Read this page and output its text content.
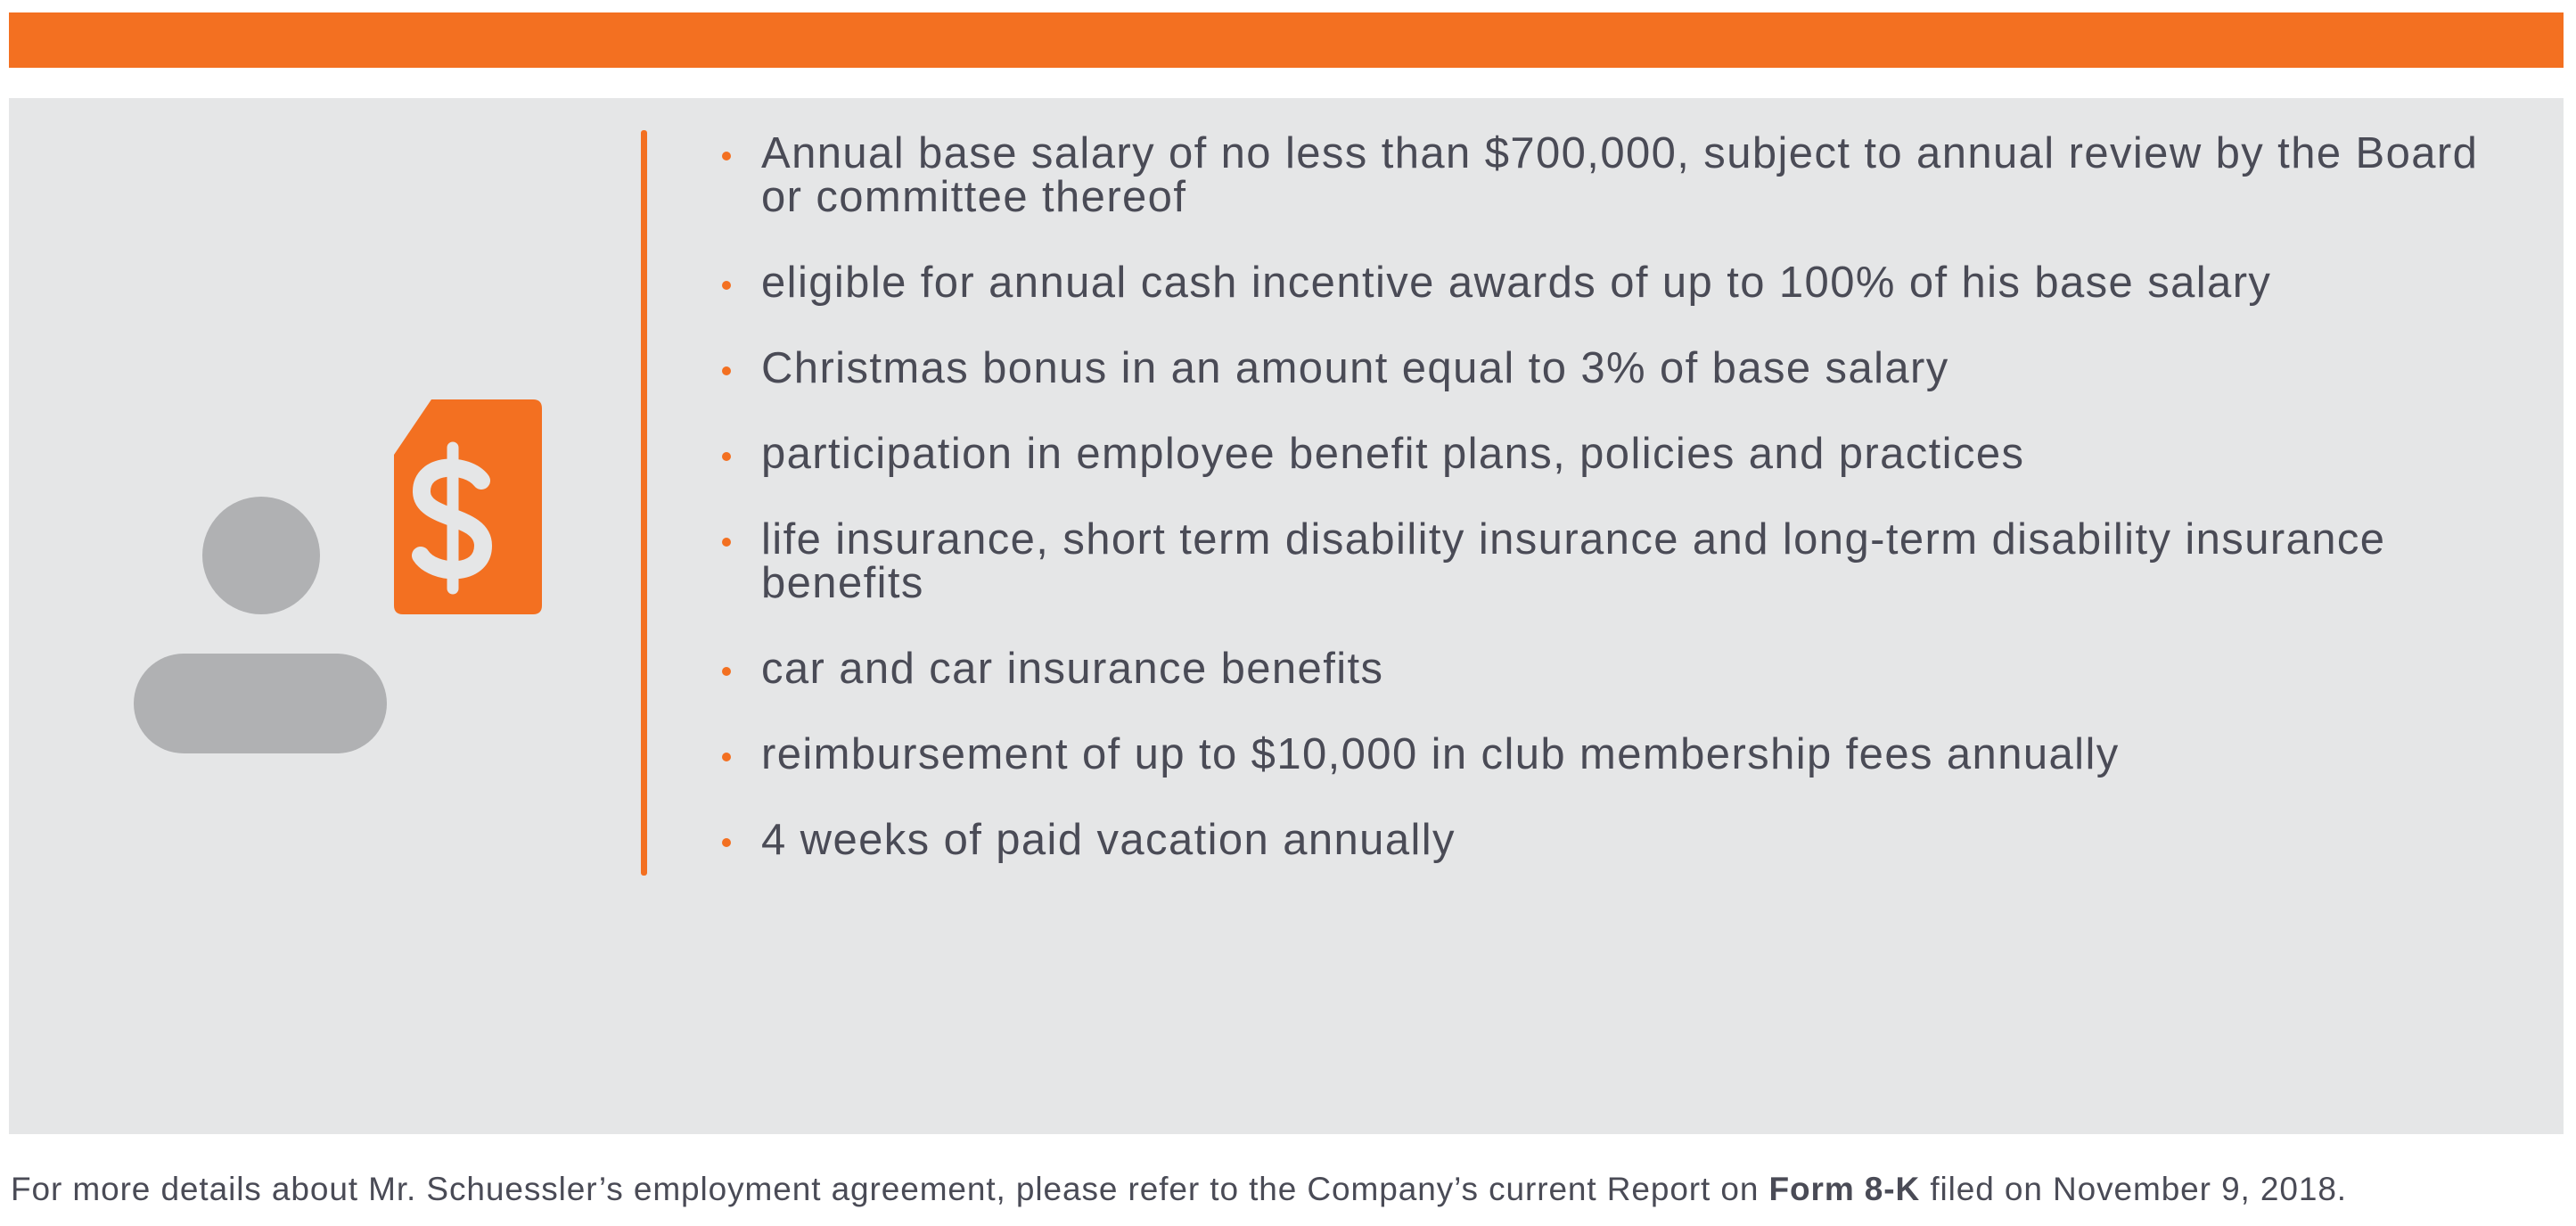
Annual base salary of no less than $700,000, subject to annual review by the Board or committee thereof
eligible for annual cash incentive awards of up to 100% of his base salary
Christmas bonus in an amount equal to 3% of base salary
participation in employee benefit plans, policies and practices
life insurance, short term disability insurance and long-term disability insurance benefits
car and car insurance benefits
reimbursement of up to $10,000 in club membership fees annually
4 weeks of paid vacation annually
For more details about Mr. Schuessler’s employment agreement, please refer to the Company’s current Report on Form 8-K filed on November 9, 2018.
